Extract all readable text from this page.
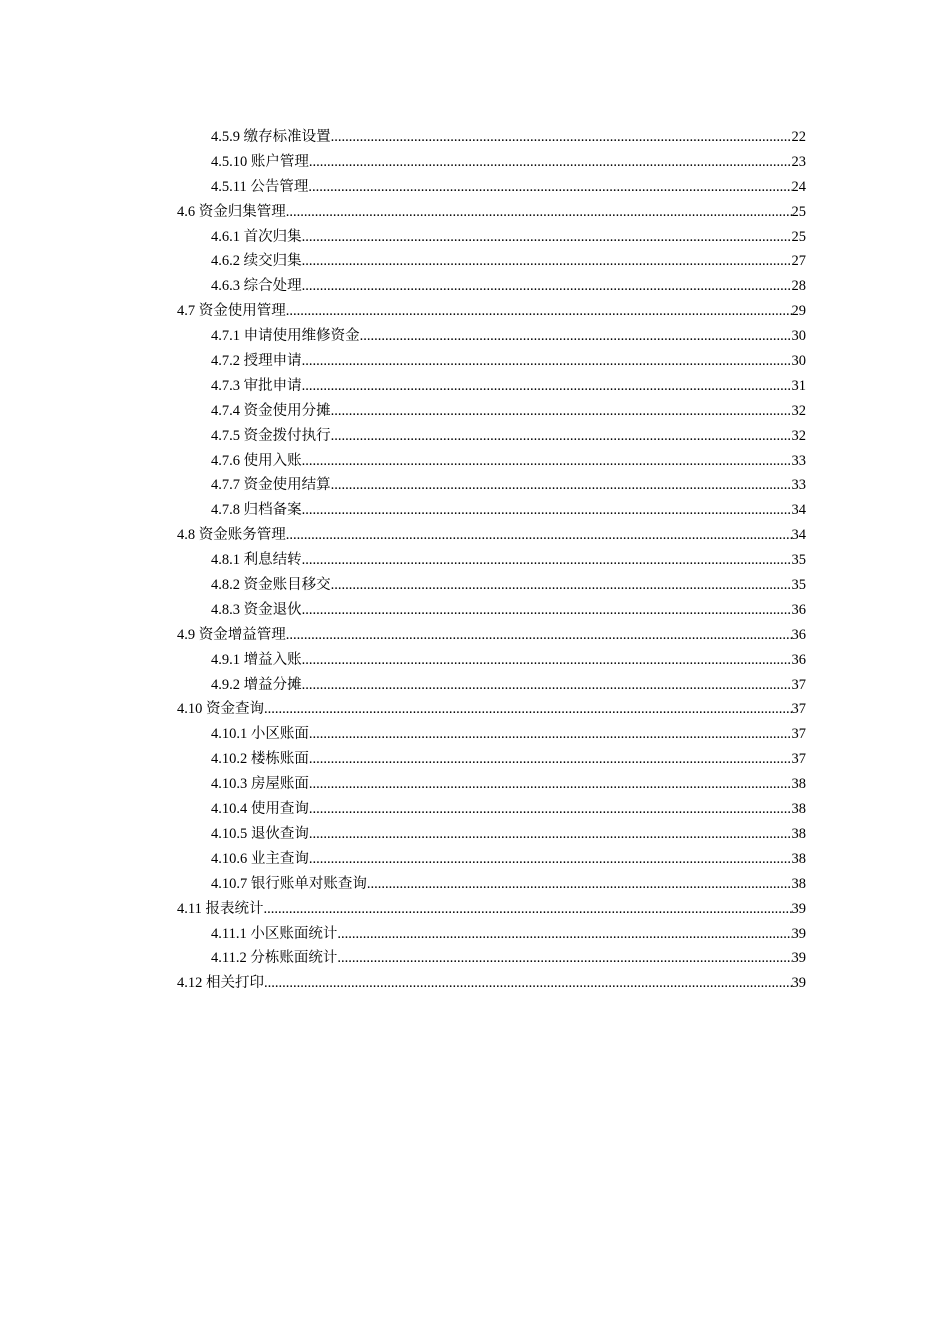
4.5.9 缴存标准设置 .....	22
4.5.10 账户管理 .....	23
4.5.11 公告管理 .....	24
4.6 资金归集管理 .....	25
4.6.1 首次归集 .....	25
4.6.2 续交归集 .....	27
4.6.3 综合处理 .....	28
4.7 资金使用管理 .....	29
4.7.1 申请使用维修资金 .....	30
4.7.2 授理申请 .....	30
4.7.3 审批申请 .....	31
4.7.4 资金使用分摊 .....	32
4.7.5 资金拨付执行 .....	32
4.7.6 使用入账 .....	33
4.7.7 资金使用结算 .....	33
4.7.8 归档备案 .....	34
4.8 资金账务管理 .....	34
4.8.1 利息结转 .....	35
4.8.2 资金账目移交 .....	35
4.8.3 资金退伙 .....	36
4.9 资金增益管理 .....	36
4.9.1 增益入账 .....	36
4.9.2 增益分摊 .....	37
4.10 资金查询 .....	37
4.10.1 小区账面 .....	37
4.10.2 楼栋账面 .....	37
4.10.3 房屋账面 .....	38
4.10.4 使用查询 .....	38
4.10.5 退伙查询 .....	38
4.10.6 业主查询 .....	38
4.10.7 银行账单对账查询 .....	38
4.11 报表统计 .....	39
4.11.1 小区账面统计 .....	39
4.11.2 分栋账面统计 .....	39
4.12 相关打印 .....	39
